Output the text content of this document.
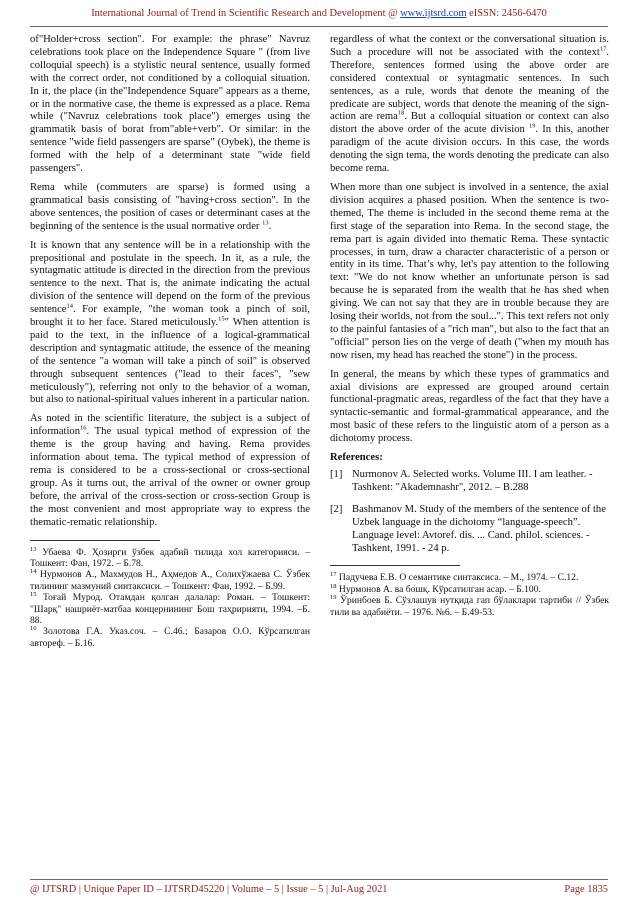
International Journal of Trend in Scientific Research and Development @ www.ijtsrd.com eISSN: 2456-6470

of"Holder+cross section". For example: the phrase" Navruz celebrations took place on the Independence Square " (from live colloquial speech) is a stylistic neural sentence, usually formed with the correct order, not conditioned by a colloquial situation. In it, the place (in the"Independence Square" appears as a theme, or in the normative case, the theme is expressed as a place. Rema while ("Navruz celebrations took place") emerges using the grammatik basis of borat from"able+verb". Or similar: in the sentence "wide field passengers are sparse" (Oybek), the theme is formed with the help of a determinant state "wide field passengers".

Rema while (commuters are sparse) is formed using a grammatical basis consisting of "having+cross section". In the above sentences, the position of cases or determinant cases at the beginning of the sentence is the usual normative order $^{13}$.

It is known that any sentence will be in a relationship with the prepositional and postulate in the speech. In it, as a rule, the syntagmatic attitude is directed in the direction from the previous sentence to the next. That is, the animate indicating the actual division of the sentence will depend on the form of the previous sentence$^{14}$. For example, "the woman took a pinch of soil, brought it to her face. Stared meticulously.$^{15}$" When attention is paid to the text, in the influence of a logical-grammatical description and syntagmatic attitude, the essence of the meaning of the sentence "a woman will take a pinch of soil" is observed through subsequent sentences ("lead to their faces", "sew meticulously"), referring not only to the behavior of a woman, but also to national-spiritual values inherent in a particular nation.

As noted in the scientific literature, the subject is a subject of information$^{16}$. The usual typical method of expression of the theme is the group having and having. Rema provides information about tema. The typical method of expression of rema is considered to be a cross-sectional or cross-sectional group. As it turns out, the arrival of the owner or owner group before, the arrival of the cross-section or cross-section Group is the most convenient and most appropriate way to express the thematic-rematic relationship.

$^{13}$ Убаева Ф. Ҳозирги ўзбек адабий тилида хол категорияси. – Тошкент: Фан, 1972. – Б.78.
$^{14}$ Нурмонов А., Махмудов Н., Аҳмедов А., Солихўжаева С. Ўзбек тилининг мазмуний синтаксиси. – Тошкент: Фан, 1992. – Б.99.
$^{15}$ Тоғай Мурод. Отамдан қолган далалар: Роман. – Тошкент: "Шарқ" нашриёт-матбаа концернининг Бош таҳририяти, 1994. –Б. 88.
$^{16}$ Золотова Г.А. Указ.соч. – С.46.; Базаров О.О. Кўрсатилган автореф. – Б.16.

regardless of what the context or the conversational situation is. Such a procedure will not be associated with the context$^{17}$. Therefore, sentences formed using the above order are considered contextual or syntagmatic sentences. In such sentences, as a rule, words that denote the meaning of the predicate are subject, words that denote the meaning of the sign-action are rema$^{18}$. But a colloquial situation or context can also distort the above order of the acute division $^{19}$. In this, another paradigm of the acute division occurs. In this case, the words denoting the sign tema, the words denoting the predicate can also become rema.

When more than one subject is involved in a sentence, the axial division acquires a phased position. When the sentence is two-themed, The theme is included in the second theme rema at the first stage of the separation into Rema. In the second stage, the rema part is again divided into thematic Rema. These syntactic processes, in turn, draw a character characteristic of a person or entity in its time. That’s why, let's pay attention to the following text: "We do not know whether an unfortunate person is sad because he is separated from the wealth that he has shed when giving. We can not say that they are in trouble because they are losing their worlds, not from the soul...". This text refers not only to the painful fantasies of a "rich man", but also to the fact that an "official" person lies on the verge of death ("when my mouth has now risen, my head has reached the stone") in the process.

In general, the means by which these types of grammatics and axial divisions are expressed are grouped around certain functional-pragmatic areas, regardless of the fact that they have a syntactic-semantic and formal-grammatical appearance, and the most basic of these refers to the linguistic atom of a person as a dichotomy process.

References:
[1] Nurmonov A. Selected works. Volume III. I am leather. - Tashkent: "Akademnashr", 2012. – B.288
[2] Bashmanov M. Study of the members of the sentence of the Uzbek language in the dichotomy “language-speech”. Language level: Avtoref. dis. ... Cand. philol. sciences. - Tashkent, 1991. - 24 p.
$^{17}$ Падучева Е.В. О семантике синтаксиса. – М., 1974. – С.12.
$^{18}$ Нурмонов А. ва бошқ. Кўрсатилган асар. – Б.100.
$^{19}$ Ўринбоев Б. Сўзлашув нутқида гап бўлаклари тартиби // Ўзбек тили ва адабиёти. – 1976. №6. – Б.49-53.
@ IJTSRD | Unique Paper ID – IJTSRD45220 | Volume – 5 | Issue – 5 | Jul-Aug 2021	Page 1835
